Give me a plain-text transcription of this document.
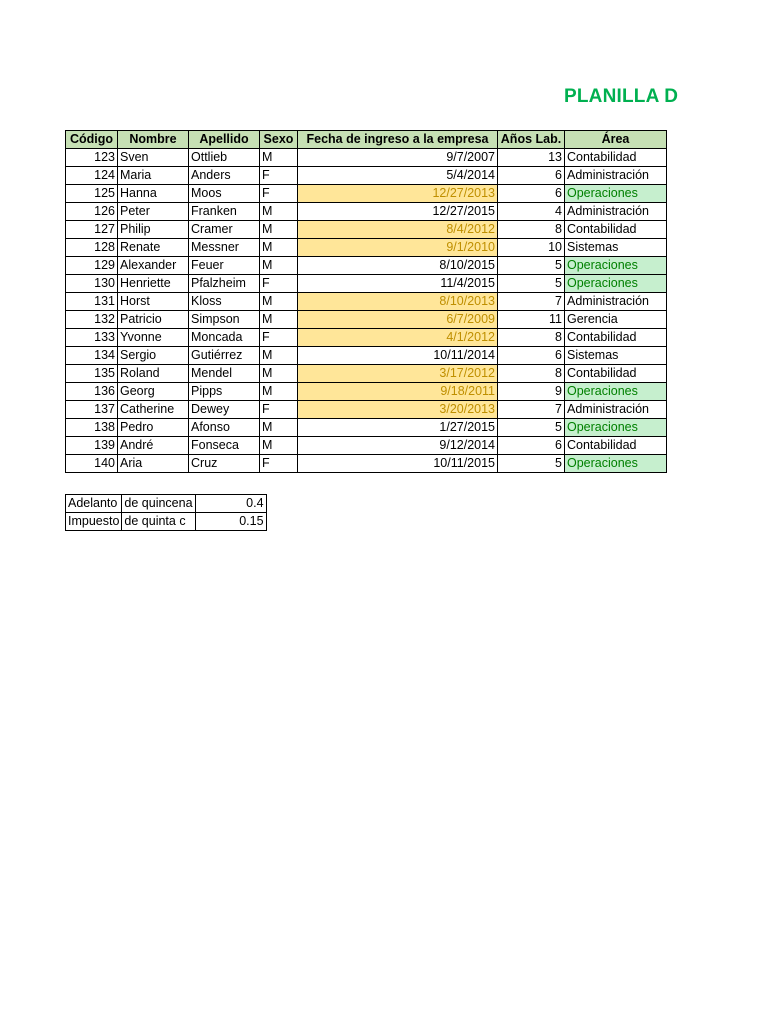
PLANILLA D
Código	Nombre	Apellido	Sexo	Fecha de ingreso a la empresa	Años Lab.	Área
123	Sven	Ottlieb	M	9/7/2007	13	Contabilidad
124	Maria	Anders	F	5/4/2014	6	Administración
125	Hanna	Moos	F	12/27/2013	6	Operaciones
126	Peter	Franken	M	12/27/2015	4	Administración
127	Philip	Cramer	M	8/4/2012	8	Contabilidad
128	Renate	Messner	M	9/1/2010	10	Sistemas
129	Alexander	Feuer	M	8/10/2015	5	Operaciones
130	Henriette	Pfalzheim	F	11/4/2015	5	Operaciones
131	Horst	Kloss	M	8/10/2013	7	Administración
132	Patricio	Simpson	M	6/7/2009	11	Gerencia
133	Yvonne	Moncada	F	4/1/2012	8	Contabilidad
134	Sergio	Gutiérrez	M	10/11/2014	6	Sistemas
135	Roland	Mendel	M	3/17/2012	8	Contabilidad
136	Georg	Pipps	M	9/18/2011	9	Operaciones
137	Catherine	Dewey	F	3/20/2013	7	Administración
138	Pedro	Afonso	M	1/27/2015	5	Operaciones
139	André	Fonseca	M	9/12/2014	6	Contabilidad
140	Aria	Cruz	F	10/11/2015	5	Operaciones
Adelanto	de quincena	0.4
Impuesto	de quinta c	0.15
